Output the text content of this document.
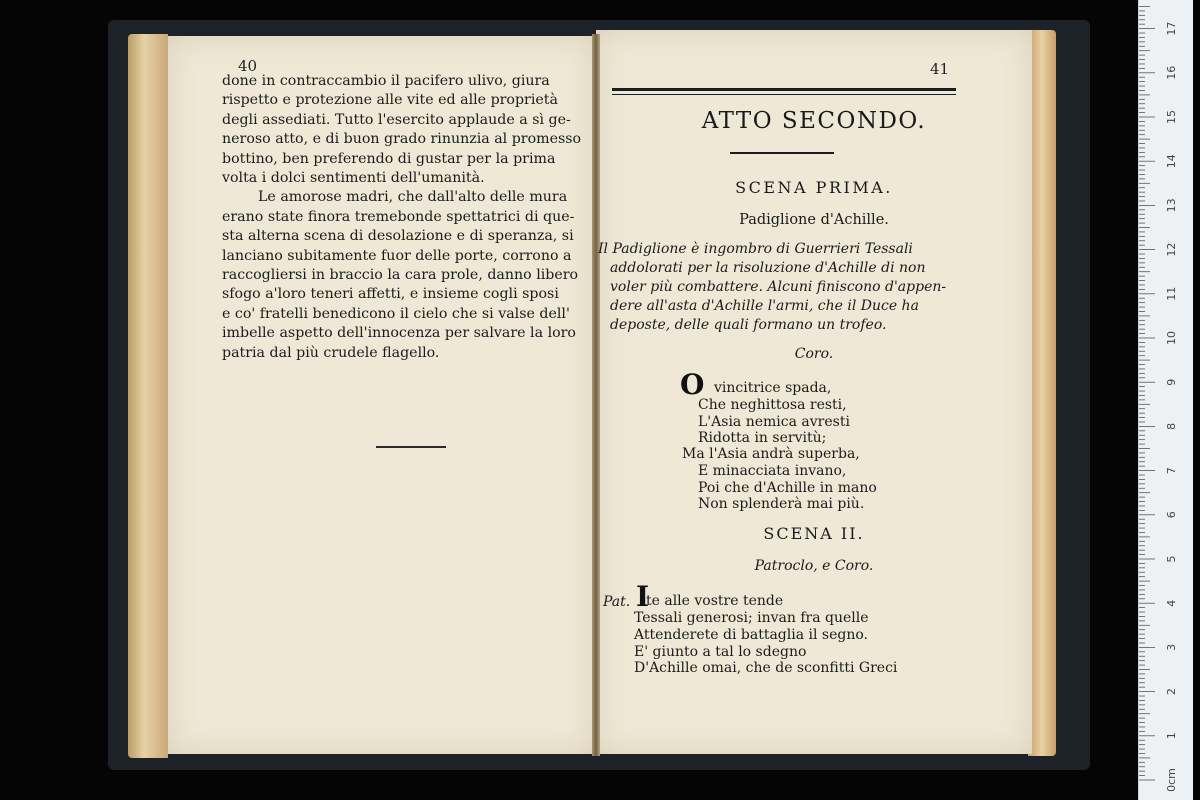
40
done in contraccambio il pacifero ulivo, giura
rispetto e protezione alle vite ed alle proprietà
degli assediati. Tutto l'esercito applaude a sì ge-
neroso atto, e di buon grado rinunzia al promesso
bottino, ben preferendo di gustar per la prima
volta i dolci sentimenti dell'umanità.
Le amorose madri, che dall'alto delle mura
erano state finora tremebonde spettatrici di que-
sta alterna scena di desolazione e di speranza, si
lanciano subitamente fuor delle porte, corrono a
raccogliersi in braccio la cara prole, danno libero
sfogo a'loro teneri affetti, e insieme cogli sposi
e co' fratelli benedicono il cielo che si valse dell'
imbelle aspetto dell'innocenza per salvare la loro
patria dal più crudele flagello.
41
ATTO SECONDO.
SCENA PRIMA.
Padiglione d'Achille.
Il Padiglione è ingombro di Guerrieri Tessali
addolorati per la risoluzione d'Achille di non
voler più combattere. Alcuni finiscono d'appen-
dere all'asta d'Achille l'armi, che il Duce ha
deposte, delle quali formano un trofeo.
Coro.
O vincitrice spada,
Che neghittosa resti,
L'Asia nemica avresti
Ridotta in servitù;
Ma l'Asia andrà superba,
E minacciata invano,
Poi che d'Achille in mano
Non splenderà mai più.
SCENA II.
Patroclo, e Coro.
Pat. I
te alle vostre tende
Tessali generosi; invan fra quelle
Attenderete di battaglia il segno.
E' giunto a tal lo sdegno
D'Achille omai, che de sconfitti Greci
0cm
1
2
3
4
5
6
7
8
9
10
11
12
13
14
15
16
17
